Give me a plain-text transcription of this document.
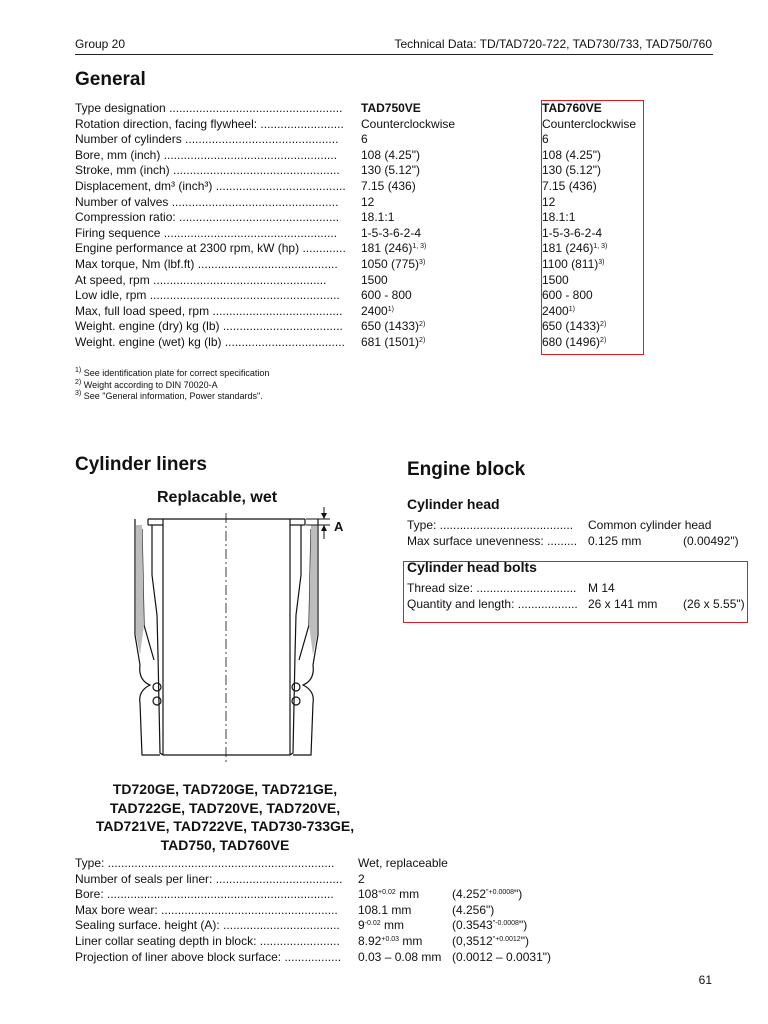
Group 20	Technical Data: TD/TAD720-722, TAD730/733, TAD750/760
General
Type designation .................................................... TAD750VE	TAD760VE
Rotation direction, facing flywheel: ......................... Counterclockwise	Counterclockwise
Number of cylinders .............................................. 6	6
Bore, mm (inch) .................................................... 108 (4.25")	108 (4.25")
Stroke, mm (inch) .................................................. 130 (5.12")	130 (5.12")
Displacement, dm³ (inch³) ....................................... 7.15 (436)	7.15 (436)
Number of valves .................................................. 12	12
Compression ratio: ................................................ 18.1:1	18.1:1
Firing sequence .................................................... 1-5-3-6-2-4	1-5-3-6-2-4
Engine performance at 2300 rpm, kW (hp) ............. 181 $(246)^{1, 3)}$	181 $(246)^{1, 3)}$
Max torque, Nm (lbf.ft) .......................................... 1050 $(775)^{3)}$	1100 $(811)^{3)}$
At speed, rpm ....................................................	1500	1500
Low idle, rpm ......................................................... 600 - 800	600 - 800
Max, full load speed, rpm ....................................... 2400$^{1)}$	2400$^{1)}$
Weight. engine (dry) kg (lb) .................................... 650 $(1433)^{2)}$	650 $(1433)^{2)}$
Weight. engine (wet) kg (lb) .................................... 681 $(1501)^{2)}$	680 $(1496)^{2)}$
$^{1)}$ See identification plate for correct specification
$^{2)}$ Weight according to DIN 70020-A
$^{3)}$ See "General information, Power standards".
Cylinder liners
Replacable, wet
A
TD720GE, TAD720GE, TAD721GE,
TAD722GE, TAD720VE, TAD720VE,
TAD721VE, TAD722VE, TAD730-733GE,
TAD750, TAD760VE
Type: .................................................................... Wet, replaceable
Number of seals per liner: ...................................... 2
Bore: .................................................................... $108^{+0.02}$ mm	$(4.252^{"+0.0008}")$
Max bore wear: ..................................................... 108.1 mm	(4.256")
Sealing surface. height (A): ................................... $9^{-0.02}$ mm	$(0.3543^{"-0.0008}")$
Liner collar seating depth in block: ........................ $8.92^{+0.03}$ mm $(0,3512^{"+0.0012}")$
Projection of liner above block surface: ................. 0.03 – 0.08 mm (0.0012 – 0.0031")
Engine block
Cylinder head
Type: ........................................ Common cylinder head
Max surface unevenness: ......... 0.125 mm	(0.00492")
Cylinder head bolts
Thread size: .............................. M 14
Quantity and length: .................. 26 x 141 mm (26 x 5.55")
61
